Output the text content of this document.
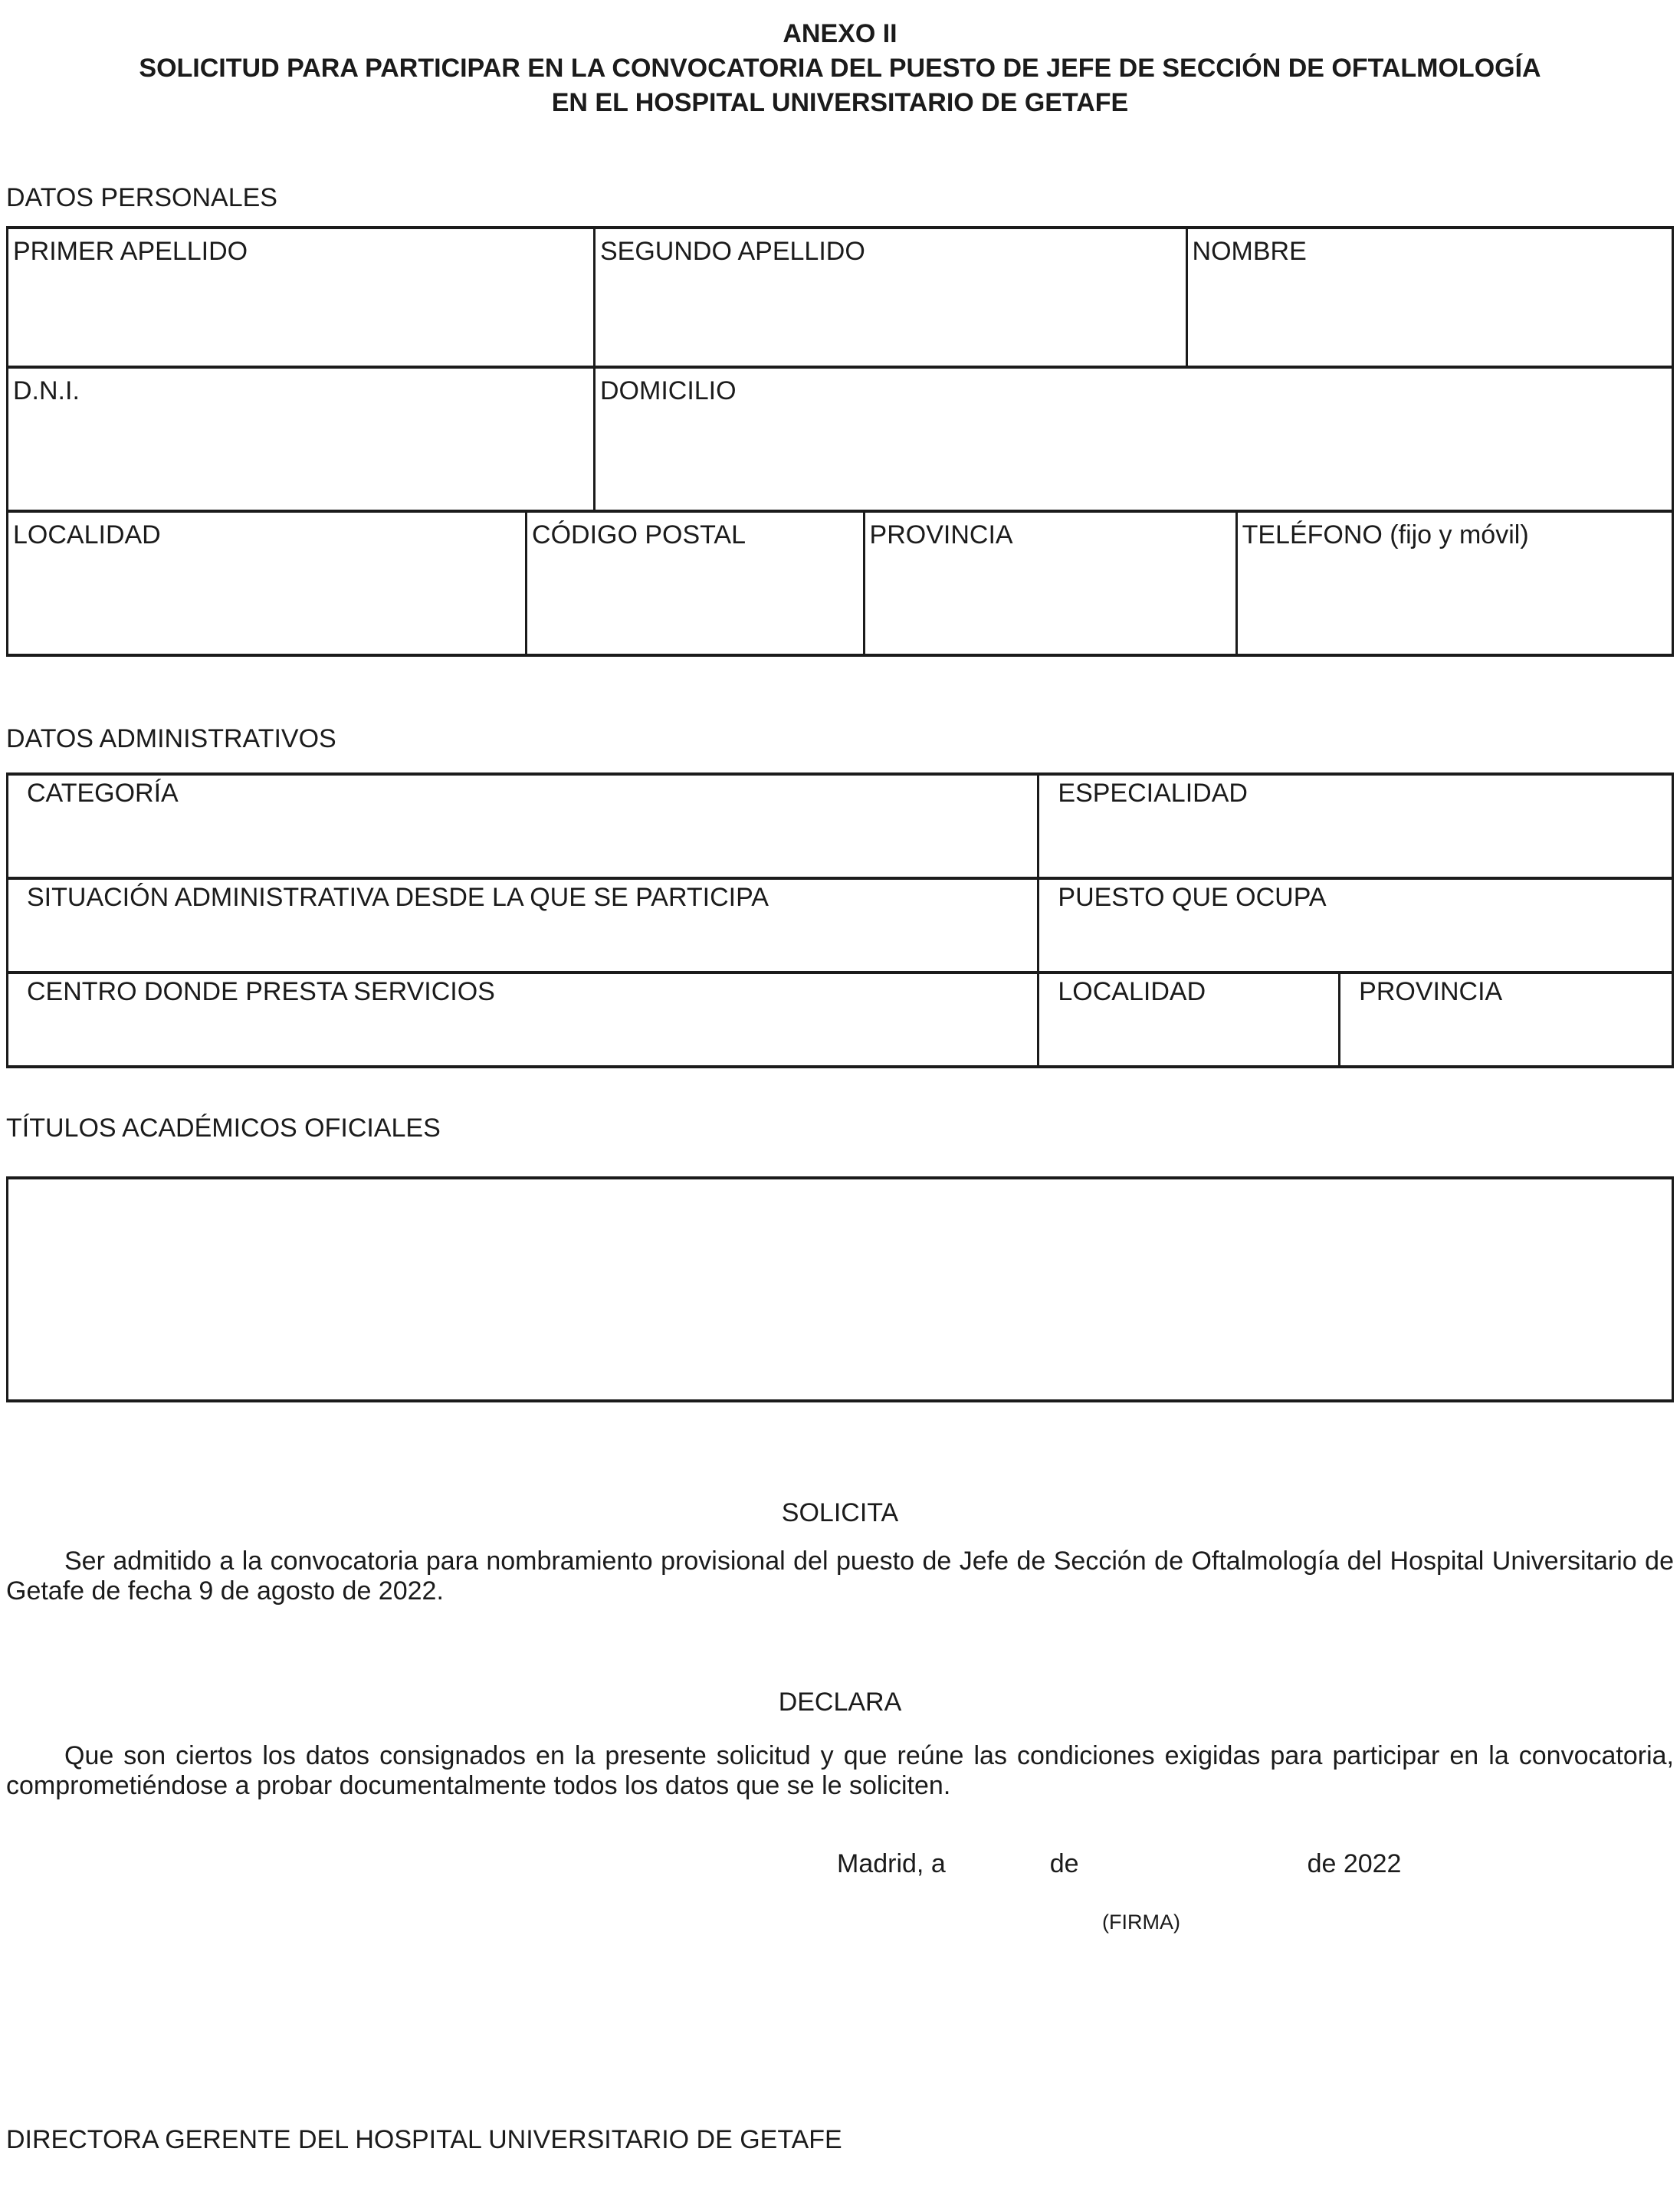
ANEXO II
SOLICITUD PARA PARTICIPAR EN LA CONVOCATORIA DEL PUESTO DE JEFE DE SECCIÓN DE OFTALMOLOGÍA
EN EL HOSPITAL UNIVERSITARIO DE GETAFE
DATOS PERSONALES
PRIMER APELLIDO	SEGUNDO APELLIDO	NOMBRE
D.N.I.	DOMICILIO
LOCALIDAD	CÓDIGO POSTAL	PROVINCIA	TELÉFONO (fijo y móvil)
DATOS ADMINISTRATIVOS
CATEGORÍA	ESPECIALIDAD
SITUACIÓN ADMINISTRATIVA DESDE LA QUE SE PARTICIPA	PUESTO QUE OCUPA
CENTRO DONDE PRESTA SERVICIOS	LOCALIDAD	PROVINCIA
TÍTULOS ACADÉMICOS OFICIALES
SOLICITA

Ser admitido a la convocatoria para nombramiento provisional del puesto de Jefe de Sección de Oftalmología del Hospital Universitario de Getafe de fecha 9 de agosto de 2022.

DECLARA

Que son ciertos los datos consignados en la presente solicitud y que reúne las condiciones exigidas para participar en la convocatoria, comprometiéndose a probar documentalmente todos los datos que se le soliciten.

Madrid, a	de	de 2022
(FIRMA)
DIRECTORA GERENTE DEL HOSPITAL UNIVERSITARIO DE GETAFE
